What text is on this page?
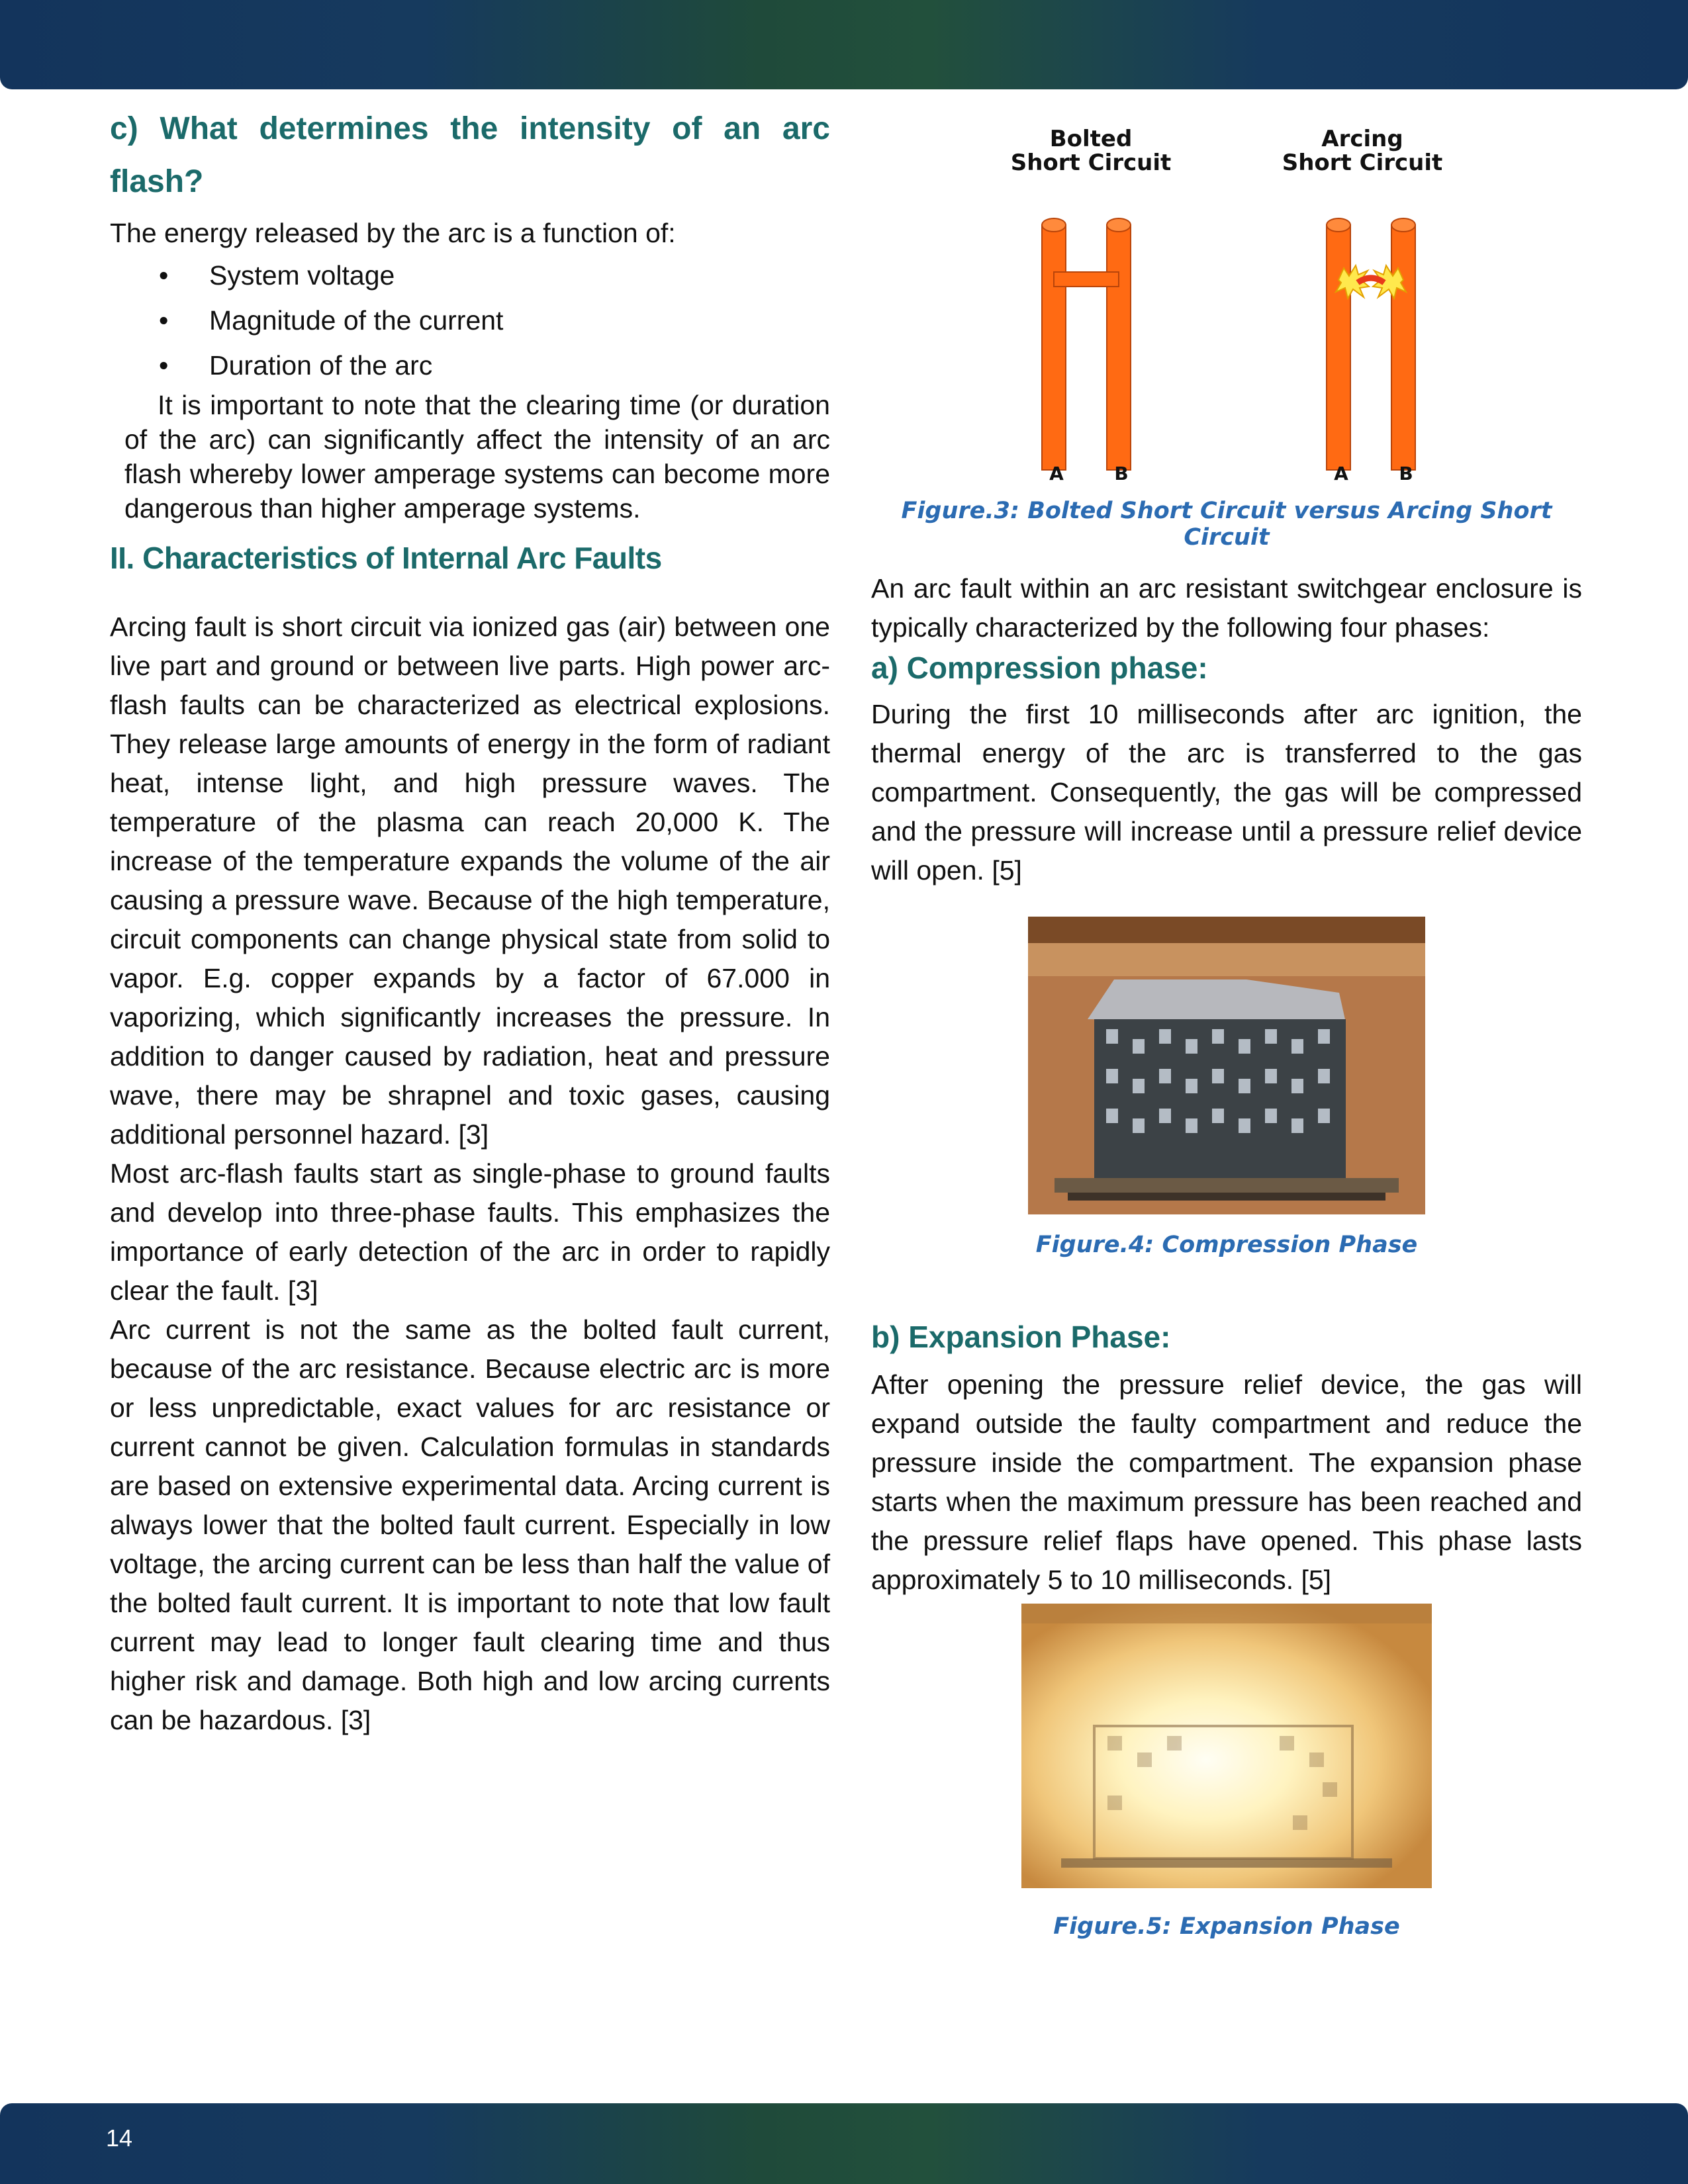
c) What determines the intensity of an arc flash?

The energy released by the arc is a function of:

• System voltage
• Magnitude of the current
• Duration of the arc

It is important to note that the clearing time (or duration of the arc) can significantly affect the intensity of an arc flash whereby lower amperage systems can become more dangerous than higher amperage systems.

II. Characteristics of Internal Arc Faults

Arcing fault is short circuit via ionized gas (air) between one live part and ground or between live parts. High power arc-flash faults can be characterized as electrical explosions. They release large amounts of energy in the form of radiant heat, intense light, and high pressure waves. The temperature of the plasma can reach 20,000 K. The increase of the temperature expands the volume of the air causing a pressure wave. Because of the high temperature, circuit components can change physical state from solid to vapor. E.g. copper expands by a factor of 67.000 in vaporizing, which significantly increases the pressure. In addition to danger caused by radiation, heat and pressure wave, there may be shrapnel and toxic gases, causing additional personnel hazard. [3]

Most arc-flash faults start as single-phase to ground faults and develop into three-phase faults. This emphasizes the importance of early detection of the arc in order to rapidly clear the fault. [3]

Arc current is not the same as the bolted fault current, because of the arc resistance. Because electric arc is more or less unpredictable, exact values for arc resistance or current cannot be given. Calculation formulas in standards are based on extensive experimental data. Arcing current is always lower that the bolted fault current. Especially in low voltage, the arcing current can be less than half the value of the bolted fault current. It is important to note that low fault current may lead to longer fault clearing time and thus higher risk and damage. Both high and low arcing currents can be hazardous. [3]

Bolted
Short Circuit
Arcing
Short Circuit
A	B	A	B
Figure.3: Bolted Short Circuit versus Arcing Short Circuit

An arc fault within an arc resistant switchgear enclosure is typically characterized by the following four phases:

a) Compression phase:

During the first 10 milliseconds after arc ignition, the thermal energy of the arc is transferred to the gas compartment. Consequently, the gas will be compressed and the pressure will increase until a pressure relief device will open. [5]

Figure.4: Compression Phase
b) Expansion Phase:

After opening the pressure relief device, the gas will expand outside the faulty compartment and reduce the pressure inside the compartment. The expansion phase starts when the maximum pressure has been reached and the pressure relief flaps have opened. This phase lasts approximately 5 to 10 milliseconds. [5]

Figure.5: Expansion Phase
14
